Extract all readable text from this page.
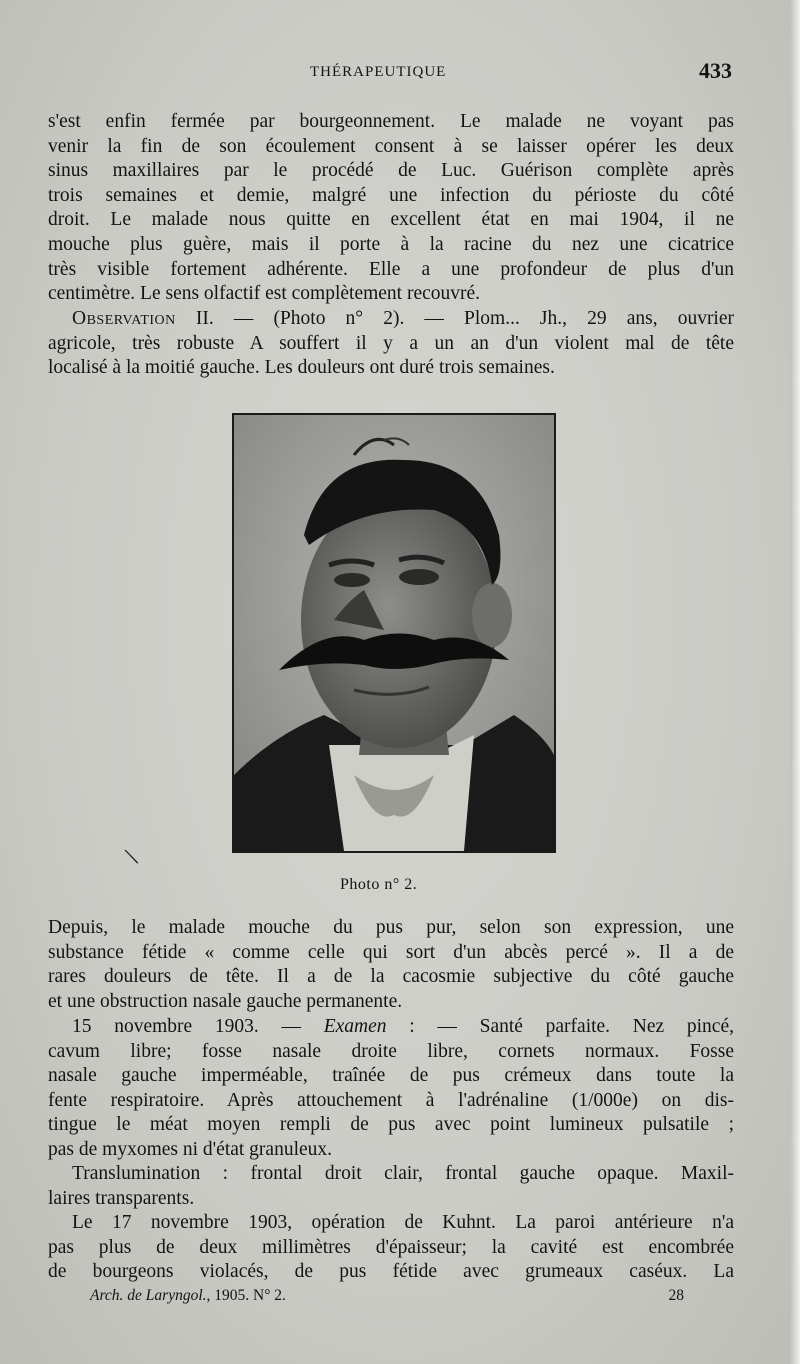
THÉRAPEUTIQUE	433
s'est enfin fermée par bourgeonnement. Le malade ne voyant pas
venir la fin de son écoulement consent à se laisser opérer les deux
sinus maxillaires par le procédé de Luc. Guérison complète après
trois semaines et demie, malgré une infection du périoste du côté
droit. Le malade nous quitte en excellent état en mai 1904, il ne
mouche plus guère, mais il porte à la racine du nez une cicatrice
très visible fortement adhérente. Elle a une profondeur de plus d'un
centimètre. Le sens olfactif est complètement recouvré.
Observation II. — (Photo n° 2). — Plom... Jh., 29 ans, ouvrier
agricole, très robuste A souffert il y a un an d'un violent mal de tête
localisé à la moitié gauche. Les douleurs ont duré trois semaines.
\
Photo n° 2.
Depuis, le malade mouche du pus pur, selon son expression, une
substance fétide « comme celle qui sort d'un abcès percé ». Il a de
rares douleurs de tête. Il a de la cacosmie subjective du côté gauche
et une obstruction nasale gauche permanente.
15 novembre 1903. — Examen : — Santé parfaite. Nez pincé,
cavum libre; fosse nasale droite libre, cornets normaux. Fosse
nasale gauche imperméable, traînée de pus crémeux dans toute la
fente respiratoire. Après attouchement à l'adrénaline (1/000e) on dis-
tingue le méat moyen rempli de pus avec point lumineux pulsatile ;
pas de myxomes ni d'état granuleux.
Translumination : frontal droit clair, frontal gauche opaque. Maxil-
laires transparents.
Le 17 novembre 1903, opération de Kuhnt. La paroi antérieure n'a
pas plus de deux millimètres d'épaisseur; la cavité est encombrée
de bourgeons violacés, de pus fétide avec grumeaux caséux. La
Arch. de Laryngol., 1905. N° 2.	28
